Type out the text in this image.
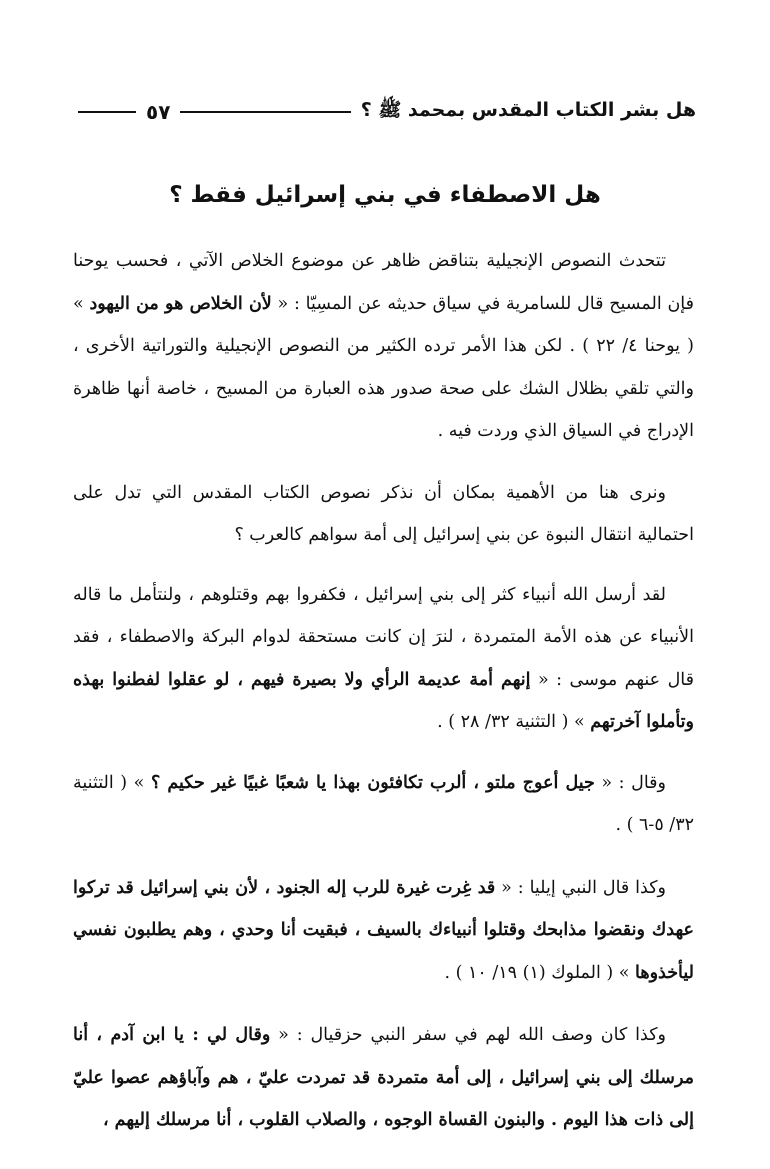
هل بشر الكتاب المقدس بمحمد ﷺ ؟
٥٧
هل الاصطفاء في بني إسرائيل فقط ؟

تتحدث النصوص الإنجيلية بتناقض ظاهر عن موضوع الخلاص الآتي ، فحسب يوحنا فإن المسيح قال للسامرية في سياق حديثه عن المسِيّا : « لأن الخلاص هو من اليهود » ( يوحنا ٤/ ٢٢ ) . لكن هذا الأمر ترده الكثير من النصوص الإنجيلية والتوراتية الأخرى ، والتي تلقي بظلال الشك على صحة صدور هذه العبارة من المسيح ، خاصة أنها ظاهرة الإدراج في السياق الذي وردت فيه .

ونرى هنا من الأهمية بمكان أن نذكر نصوص الكتاب المقدس التي تدل على احتمالية انتقال النبوة عن بني إسرائيل إلى أمة سواهم كالعرب ؟

لقد أرسل الله أنبياء كثر إلى بني إسرائيل ، فكفروا بهم وقتلوهم ، ولنتأمل ما قاله الأنبياء عن هذه الأمة المتمردة ، لنرَ إن كانت مستحقة لدوام البركة والاصطفاء ، فقد قال عنهم موسى : « إنهم أمة عديمة الرأي ولا بصيرة فيهم ، لو عقلوا لفطنوا بهذه وتأملوا آخرتهم » ( التثنية ٣٢/ ٢٨ ) .

وقال : « جيل أعوج ملتو ، ألرب تكافئون بهذا يا شعبًا غبيًا غير حكيم ؟ » ( التثنية ٣٢/ ٥-٦ ) .

وكذا قال النبي إيليا : « قد غِرت غيرة للرب إله الجنود ، لأن بني إسرائيل قد تركوا عهدك ونقضوا مذابحك وقتلوا أنبياءك بالسيف ، فبقيت أنا وحدي ، وهم يطلبون نفسي ليأخذوها » ( الملوك (١) ١٩/ ١٠ ) .

وكذا كان وصف الله لهم في سفر النبي حزقيال : « وقال لي : يا ابن آدم ، أنا مرسلك إلى بني إسرائيل ، إلى أمة متمردة قد تمردت عليّ ، هم وآباؤهم عصوا عليّ إلى ذات هذا اليوم . والبنون القساة الوجوه ، والصلاب القلوب ، أنا مرسلك إليهم ،
